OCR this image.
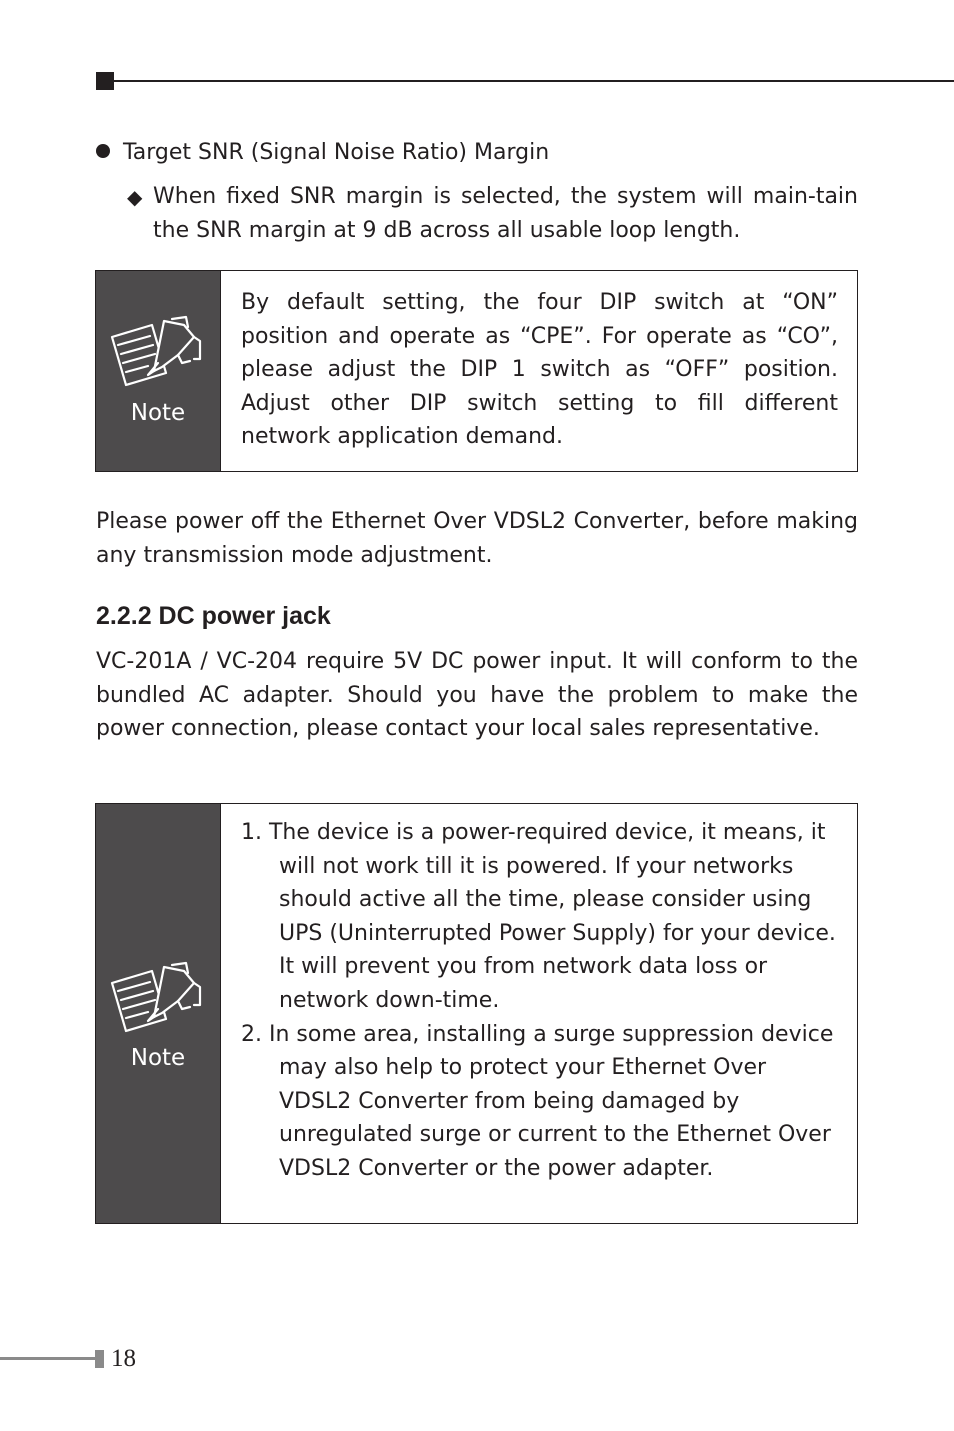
Target SNR (Signal Noise Ratio) Margin
◆ When fixed SNR margin is selected, the system will main-tain the SNR margin at 9 dB across all usable loop length.
Note
By default setting, the four DIP switch at “ON” position and operate as “CPE”. For operate as “CO”, please adjust the DIP 1 switch as “OFF” position. Adjust other DIP switch setting to fill different network application demand.
Please power off the Ethernet Over VDSL2 Converter, before making any transmission mode adjustment.
2.2.2 DC power jack
VC-201A / VC-204 require 5V DC power input. It will conform to the bundled AC adapter. Should you have the problem to make the power connection, please contact your local sales representative.
Note
1. The device is a power-required device, it means, it will not work till it is powered. If your networks should active all the time, please consider using UPS (Uninterrupted Power Supply) for your device. It will prevent you from network data loss or network down-time.
2. In some area, installing a surge suppression device may also help to protect your Ethernet Over VDSL2 Converter from being damaged by unregulated surge or current to the Ethernet Over VDSL2 Converter or the power adapter.
18
